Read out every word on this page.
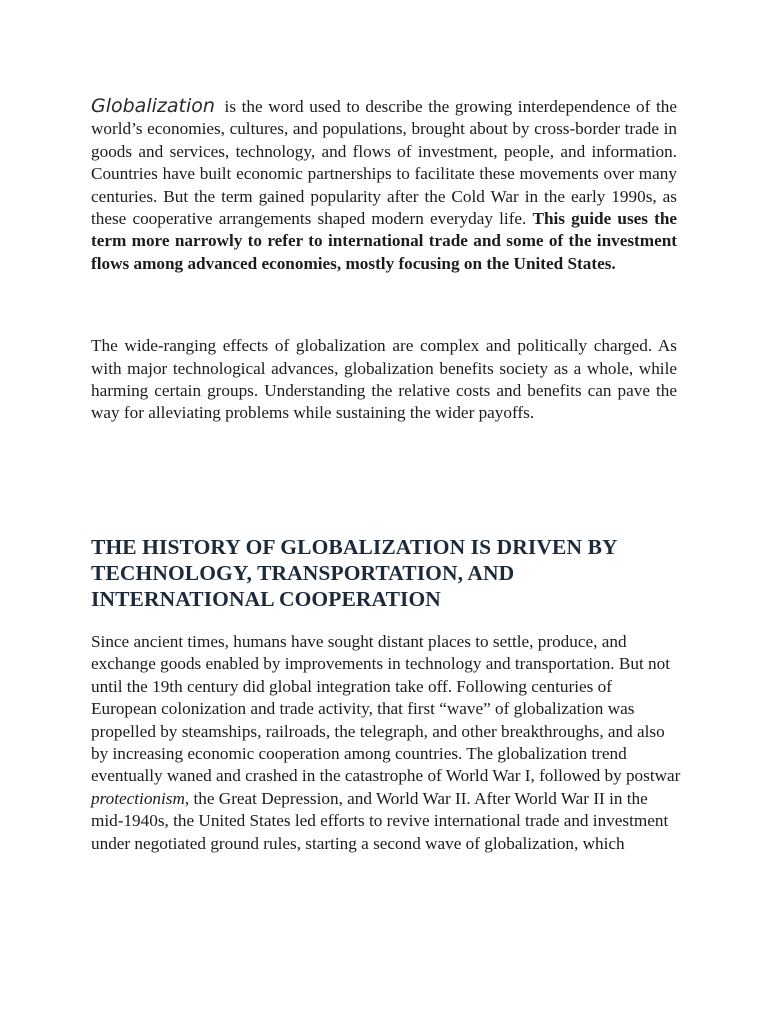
Globalization is the word used to describe the growing interdependence of the world’s economies, cultures, and populations, brought about by cross-border trade in goods and services, technology, and flows of investment, people, and information. Countries have built economic partnerships to facilitate these movements over many centuries. But the term gained popularity after the Cold War in the early 1990s, as these cooperative arrangements shaped modern everyday life. This guide uses the term more narrowly to refer to international trade and some of the investment flows among advanced economies, mostly focusing on the United States.

The wide-ranging effects of globalization are complex and politically charged. As with major technological advances, globalization benefits society as a whole, while harming certain groups. Understanding the relative costs and benefits can pave the way for alleviating problems while sustaining the wider payoffs.

THE HISTORY OF GLOBALIZATION IS DRIVEN BY TECHNOLOGY, TRANSPORTATION, AND INTERNATIONAL COOPERATION

Since ancient times, humans have sought distant places to settle, produce, and exchange goods enabled by improvements in technology and transportation. But not until the 19th century did global integration take off. Following centuries of European colonization and trade activity, that first “wave” of globalization was propelled by steamships, railroads, the telegraph, and other breakthroughs, and also by increasing economic cooperation among countries. The globalization trend eventually waned and crashed in the catastrophe of World War I, followed by postwar protectionism, the Great Depression, and World War II. After World War II in the mid-1940s, the United States led efforts to revive international trade and investment under negotiated ground rules, starting a second wave of globalization, which
